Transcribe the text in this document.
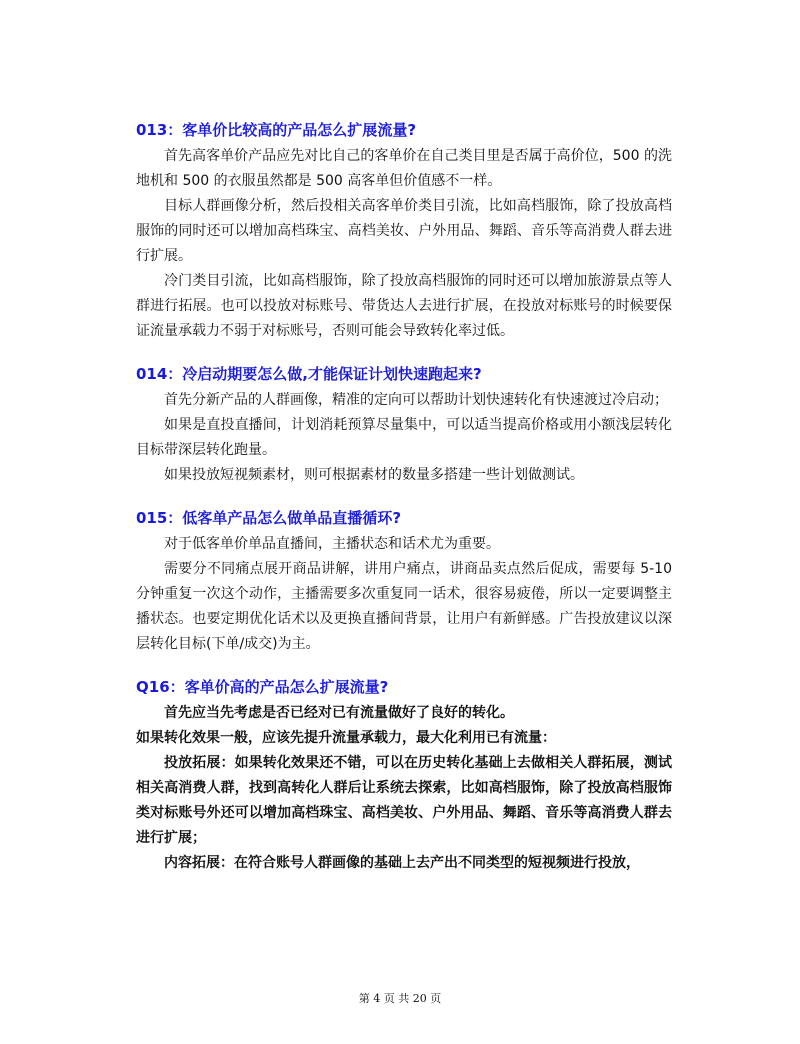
013：客单价比较高的产品怎么扩展流量?

首先高客单价产品应先对比自己的客单价在自己类目里是否属于高价位，500 的洗地机和 500 的衣服虽然都是 500 高客单但价值感不一样。

目标人群画像分析，然后投相关高客单价类目引流，比如高档服饰，除了投放高档服饰的同时还可以增加高档珠宝、高档美妆、户外用品、舞蹈、音乐等高消费人群去进行扩展。

冷门类目引流，比如高档服饰，除了投放高档服饰的同时还可以增加旅游景点等人群进行拓展。也可以投放对标账号、带货达人去进行扩展，在投放对标账号的时候要保证流量承载力不弱于对标账号，否则可能会导致转化率过低。

014：冷启动期要怎么做,才能保证计划快速跑起来?

首先分新产品的人群画像，精准的定向可以帮助计划快速转化有快速渡过冷启动；

如果是直投直播间，计划消耗预算尽量集中，可以适当提高价格或用小额浅层转化目标带深层转化跑量。

如果投放短视频素材，则可根据素材的数量多搭建一些计划做测试。

015：低客单产品怎么做单品直播循环?

对于低客单价单品直播间，主播状态和话术尤为重要。

需要分不同痛点展开商品讲解，讲用户痛点，讲商品卖点然后促成，需要每 5-10 分钟重复一次这个动作，主播需要多次重复同一话术，很容易疲倦，所以一定要调整主播状态。也要定期优化话术以及更换直播间背景，让用户有新鲜感。广告投放建议以深层转化目标(下单/成交)为主。

Q16：客单价高的产品怎么扩展流量?

首先应当先考虑是否已经对已有流量做好了良好的转化。

如果转化效果一般，应该先提升流量承载力，最大化利用已有流量：

投放拓展：如果转化效果还不错，可以在历史转化基础上去做相关人群拓展，测试相关高消费人群，找到高转化人群后让系统去探索，比如高档服饰，除了投放高档服饰类对标账号外还可以增加高档珠宝、高档美妆、户外用品、舞蹈、音乐等高消费人群去进行扩展；

内容拓展：在符合账号人群画像的基础上去产出不同类型的短视频进行投放，

第 4 页 共 20 页
